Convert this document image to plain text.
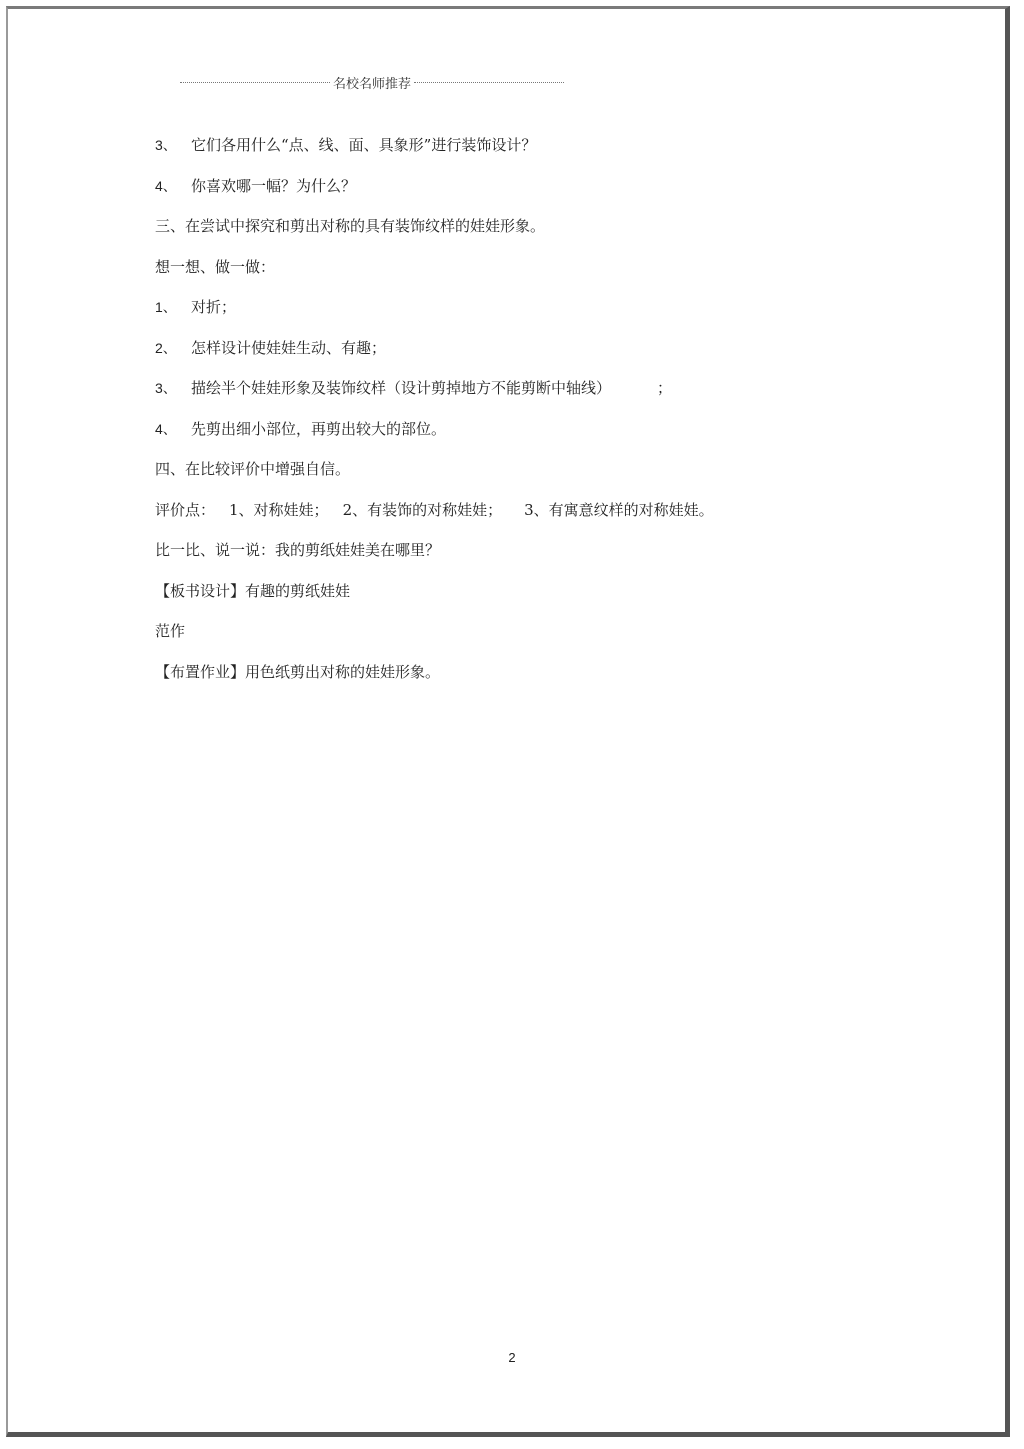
名校名师推荐
3、 它们各用什么“点、线、面、具象形”进行装饰设计？
4、 你喜欢哪一幅？为什么？
三、在尝试中探究和剪出对称的具有装饰纹样的娃娃形象。
想一想、做一做：
1、 对折；
2、 怎样设计使娃娃生动、有趣；
3、 描绘半个娃娃形象及装饰纹样（设计剪掉地方不能剪断中轴线）	；
4、 先剪出细小部位，再剪出较大的部位。
四、在比较评价中增强自信。
评价点： 1、对称娃娃； 2、有装饰的对称娃娃； 3、有寓意纹样的对称娃娃。
比一比、说一说：我的剪纸娃娃美在哪里？
【板书设计】有趣的剪纸娃娃
范作
【布置作业】用色纸剪出对称的娃娃形象。
2
